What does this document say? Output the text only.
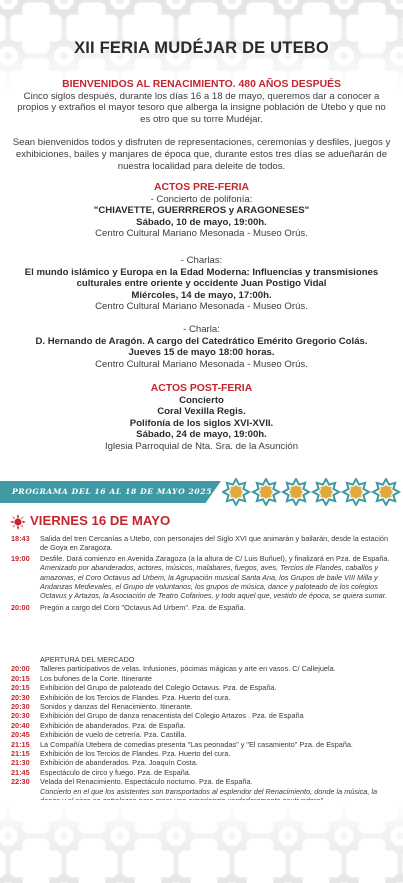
XII FERIA MUDÉJAR DE UTEBO
BIENVENIDOS AL RENACIMIENTO. 480 AÑOS DESPUÉS
Cinco siglos después, durante los días 16 a 18 de mayo, queremos dar a conocer a propios y extraños el mayor tesoro que alberga la insigne población de Utebo y que no es otro que su torre Mudéjar.
Sean bienvenidos todos y disfruten de representaciones, ceremonias y desfiles, juegos y exhibiciones, bailes y manjares de época que, durante estos tres días se adueñarán de nuestra localidad para deleite de todos.
ACTOS PRE-FERIA
- Concierto de polifonía:
"CHIAVETTE, GUERRREROS y ARAGONESES"
Sábado, 10 de mayo, 19:00h.
Centro Cultural Mariano Mesonada - Museo Orús.
- Charlas:
El mundo islámico y Europa en la Edad Moderna: Influencias y transmisiones culturales entre oriente y occidente Juan Postigo Vidal
Miércoles, 14 de mayo, 17:00h.
Centro Cultural Mariano Mesonada - Museo Orús.
- Charla:
D. Hernando de Aragón. A cargo del Catedrático Emérito Gregorio Colás.
Jueves 15 de mayo 18:00 horas.
Centro Cultural Mariano Mesonada - Museo Orús.
ACTOS POST-FERIA
Concierto
Coral Vexilla Regis.
Polifonía de los siglos XVI-XVII.
Sábado, 24 de mayo, 19:00h.
Iglesia Parroquial de Nta. Sra. de la Asunción
PROGRAMA DEL 16 AL 18 DE MAYO 2025
VIERNES 16 DE MAYO
18:43	Salida del tren Cercanías a Utebo, con personajes del Siglo XVI que animarán y bailarán, desde la estación de Goya en Zaragoza.
19:00	Desfile. Dará comienzo en Avenida Zaragoza (a la altura de C/ Luis Buñuel), y finalizará en Pza. de España.
Amenizado por abanderados, actores, músicos, malabares, fuegos, aves, Tercios de Flandes, caballos y amazonas, el Coro Octavus ad Urbem, la Agrupación musical Santa Ana, los Grupos de baile VIII Milla y Andanzas Medievales, el Grupo de voluntarios, los grupos de música, dance y paloteado de los colegios Octavus y Artazos, la Asociación de Teatro Cofarines, y todo aquel que, vestido de época, se quiera sumar.
20:00	Pregón a cargo del Coro "Octavus Ad Urbem". Pza. de España.
APERTURA DEL MERCADO
20:00	Talleres participativos de velas. Infusiones, pócimas mágicas y arte en vasos. C/ Callejuela.
20:15	Los bufones de la Corte. Itinerante
20:15	Exhibición del Grupo de paloteado del Colegio Octavus. Pza. de España.
20:30	Exhibición de los Tercios de Flandes. Pza. Huerto del cura.
20:30	Sonidos y danzas del Renacimiento. Itinerante.
20:30	Exhibición del Grupo de danza renacentista del Colegio Artazos . Pza. de España
20:40	Exhibición de abanderados. Pza. de España.
20:45	Exhibición de vuelo de cetrería. Pza. Castilla.
21:15	La Compañía Utebera de comedias presenta "Las peonadas" y "El casamiento" Pza. de España.
21:15	Exhibición de los Tercios de Flandes. Pza. Huerto del cura.
21:30	Exhibición de abanderados. Pza. Joaquín Costa.
21:45	Espectáculo de circo y fuego. Pza. de España.
22:30	Velada del Renacimiento. Espectáculo nocturno. Pza. de España.
Concierto en el que los asistentes son transportados al esplendor del Renacimiento, donde la música, la
